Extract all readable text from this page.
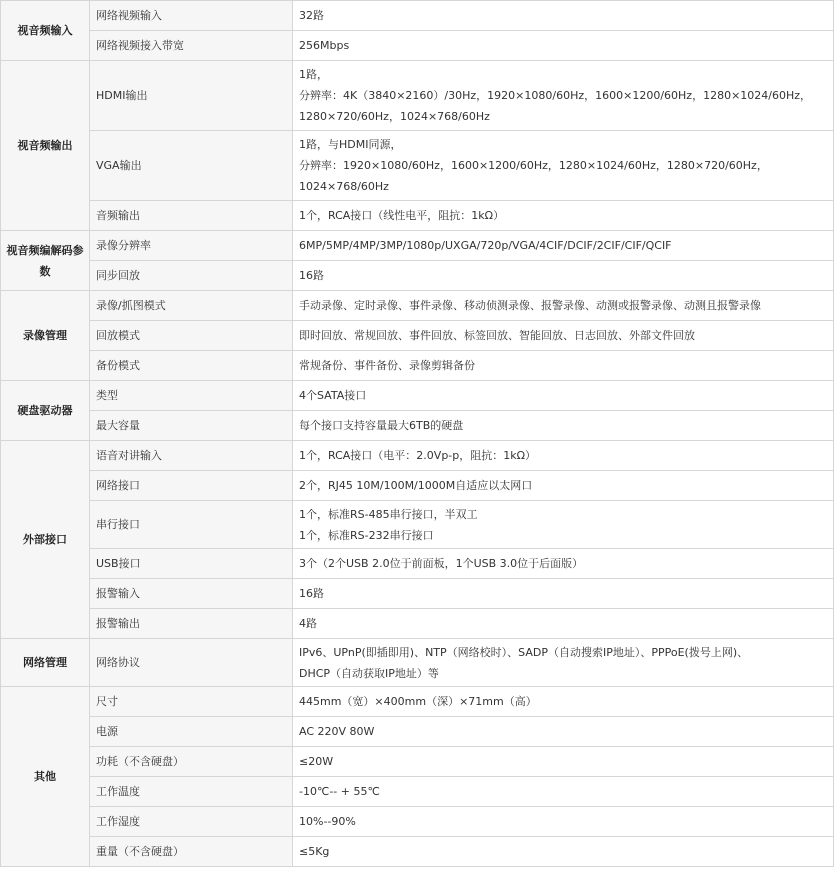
视音频输入	网络视频输入	32路

	网络视频接入带宽	256Mbps

视音频输出	HDMI输出	1路，
分辨率：4K（3840×2160）/30Hz，1920×1080/60Hz，1600×1200/60Hz，1280×1024/60Hz，
1280×720/60Hz，1024×768/60Hz

	VGA输出	1路，与HDMI同源，
分辨率：1920×1080/60Hz，1600×1200/60Hz，1280×1024/60Hz，1280×720/60Hz，
1024×768/60Hz

	音频输出	1个，RCA接口（线性电平，阻抗：1kΩ）

视音频编解码参数	录像分辨率	6MP/5MP/4MP/3MP/1080p/UXGA/720p/VGA/4CIF/DCIF/2CIF/CIF/QCIF

	同步回放	16路

录像管理	录像/抓图模式	手动录像、定时录像、事件录像、移动侦测录像、报警录像、动测或报警录像、动测且报警录像

	回放模式	即时回放、常规回放、事件回放、标签回放、智能回放、日志回放、外部文件回放

	备份模式	常规备份、事件备份、录像剪辑备份

硬盘驱动器	类型	4个SATA接口

	最大容量	每个接口支持容量最大6TB的硬盘

外部接口	语音对讲输入	1个，RCA接口（电平：2.0Vp-p，阻抗：1kΩ）

	网络接口	2个，RJ45 10M/100M/1000M自适应以太网口

	串行接口	1个，标准RS-485串行接口，半双工
1个，标准RS-232串行接口

	USB接口	3个（2个USB 2.0位于前面板，1个USB 3.0位于后面版）

	报警输入	16路

	报警输出	4路

网络管理	网络协议	IPv6、UPnP(即插即用)、NTP（网络校时）、SADP（自动搜索IP地址）、PPPoE(拨号上网)、
DHCP（自动获取IP地址）等

其他	尺寸	445mm（宽）×400mm（深）×71mm（高）

	电源	AC 220V 80W

	功耗（不含硬盘）	≤20W

	工作温度	-10℃-- + 55℃

	工作湿度	10%--90%

	重量（不含硬盘）	≤5Kg
